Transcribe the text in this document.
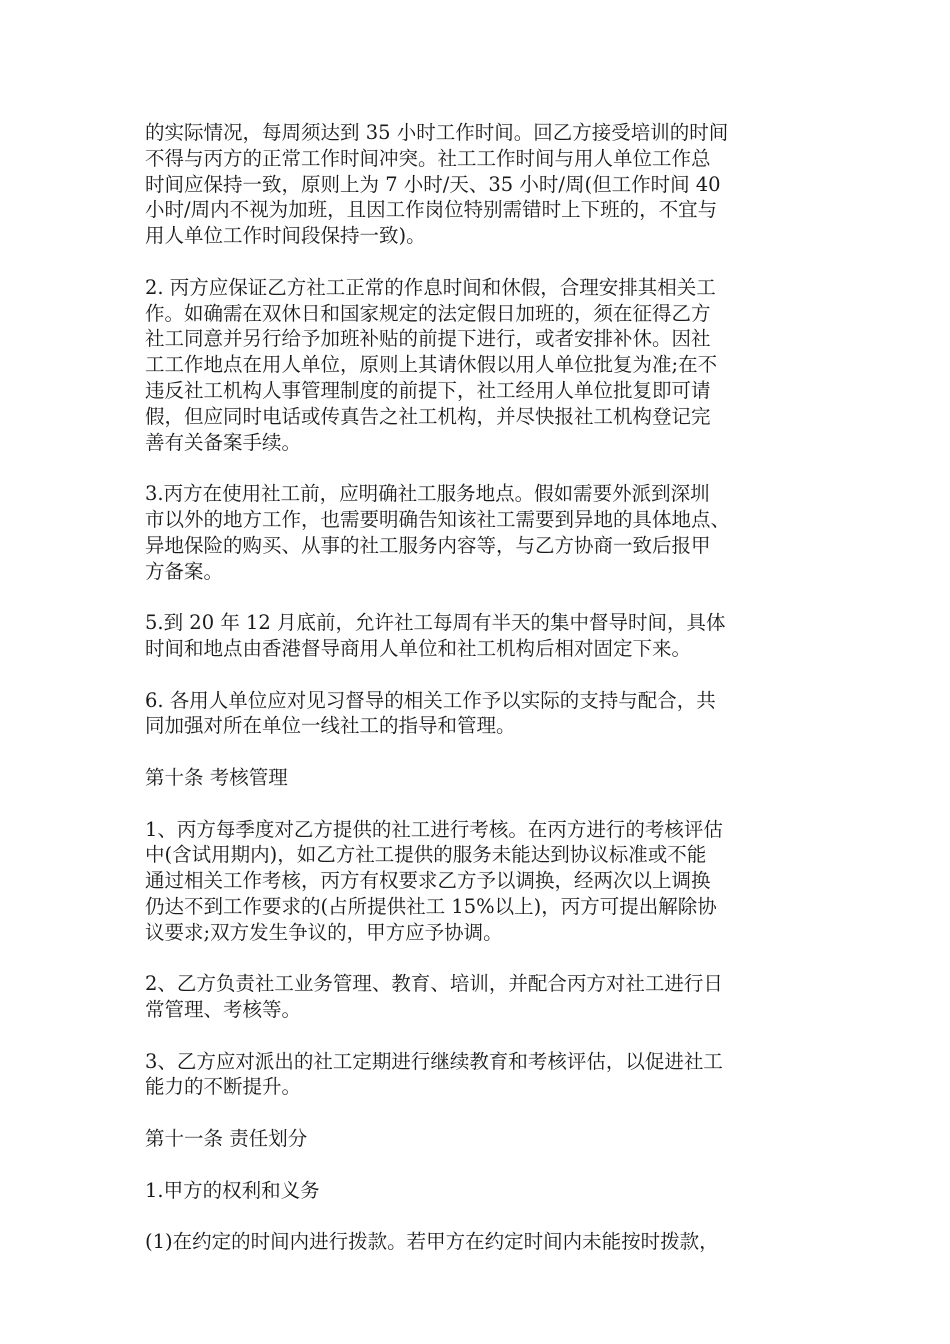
的实际情况，每周须达到 35 小时工作时间。回乙方接受培训的时间
不得与丙方的正常工作时间冲突。社工工作时间与用人单位工作总
时间应保持一致，原则上为 7 小时/天、35 小时/周(但工作时间 40
小时/周内不视为加班，且因工作岗位特别需错时上下班的，不宜与
用人单位工作时间段保持一致)。
2. 丙方应保证乙方社工正常的作息时间和休假，合理安排其相关工
作。如确需在双休日和国家规定的法定假日加班的，须在征得乙方
社工同意并另行给予加班补贴的前提下进行，或者安排补休。因社
工工作地点在用人单位，原则上其请休假以用人单位批复为准;在不
违反社工机构人事管理制度的前提下，社工经用人单位批复即可请
假，但应同时电话或传真告之社工机构，并尽快报社工机构登记完
善有关备案手续。
3.丙方在使用社工前，应明确社工服务地点。假如需要外派到深圳
市以外的地方工作，也需要明确告知该社工需要到异地的具体地点、
异地保险的购买、从事的社工服务内容等，与乙方协商一致后报甲
方备案。
5.到 20 年 12 月底前，允许社工每周有半天的集中督导时间，具体
时间和地点由香港督导商用人单位和社工机构后相对固定下来。
6. 各用人单位应对见习督导的相关工作予以实际的支持与配合，共
同加强对所在单位一线社工的指导和管理。
第十条 考核管理
1、丙方每季度对乙方提供的社工进行考核。在丙方进行的考核评估
中(含试用期内)，如乙方社工提供的服务未能达到协议标准或不能
通过相关工作考核，丙方有权要求乙方予以调换，经两次以上调换
仍达不到工作要求的(占所提供社工 15%以上)，丙方可提出解除协
议要求;双方发生争议的，甲方应予协调。
2、乙方负责社工业务管理、教育、培训，并配合丙方对社工进行日
常管理、考核等。
3、乙方应对派出的社工定期进行继续教育和考核评估，以促进社工
能力的不断提升。
第十一条 责任划分
1.甲方的权利和义务
(1)在约定的时间内进行拨款。若甲方在约定时间内未能按时拨款，
